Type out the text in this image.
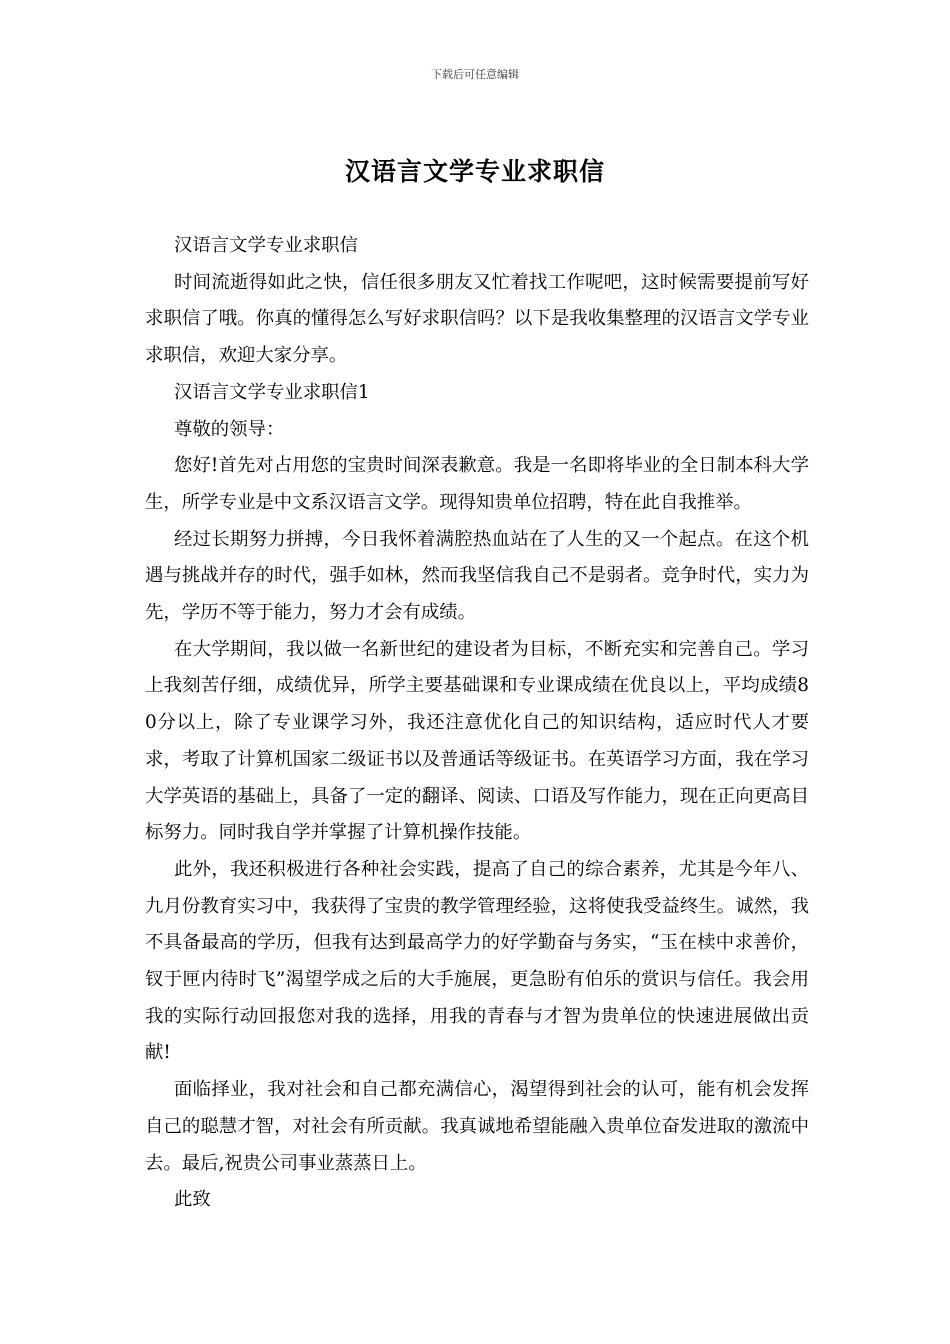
下载后可任意编辑
汉语言文学专业求职信

汉语言文学专业求职信

时间流逝得如此之快，信任很多朋友又忙着找工作呢吧，这时候需要提前写好求职信了哦。你真的懂得怎么写好求职信吗？以下是我收集整理的汉语言文学专业求职信，欢迎大家分享。

汉语言文学专业求职信1

尊敬的领导：

您好!首先对占用您的宝贵时间深表歉意。我是一名即将毕业的全日制本科大学生，所学专业是中文系汉语言文学。现得知贵单位招聘，特在此自我推举。

经过长期努力拼搏，今日我怀着满腔热血站在了人生的又一个起点。在这个机遇与挑战并存的时代，强手如林，然而我坚信我自己不是弱者。竞争时代，实力为先，学历不等于能力，努力才会有成绩。

在大学期间，我以做一名新世纪的建设者为目标，不断充实和完善自己。学习上我刻苦仔细，成绩优异，所学主要基础课和专业课成绩在优良以上，平均成绩80分以上，除了专业课学习外，我还注意优化自己的知识结构，适应时代人才要求，考取了计算机国家二级证书以及普通话等级证书。在英语学习方面，我在学习大学英语的基础上，具备了一定的翻译、阅读、口语及写作能力，现在正向更高目标努力。同时我自学并掌握了计算机操作技能。

此外，我还积极进行各种社会实践，提高了自己的综合素养，尤其是今年八、九月份教育实习中，我获得了宝贵的教学管理经验，这将使我受益终生。诚然，我不具备最高的学历，但我有达到最高学力的好学勤奋与务实，“玉在椟中求善价，钗于匣内待时飞”渴望学成之后的大手施展，更急盼有伯乐的赏识与信任。我会用我的实际行动回报您对我的选择，用我的青春与才智为贵单位的快速进展做出贡献!

面临择业，我对社会和自己都充满信心，渴望得到社会的认可，能有机会发挥自己的聪慧才智，对社会有所贡献。我真诚地希望能融入贵单位奋发进取的激流中去。最后,祝贵公司事业蒸蒸日上。

此致
